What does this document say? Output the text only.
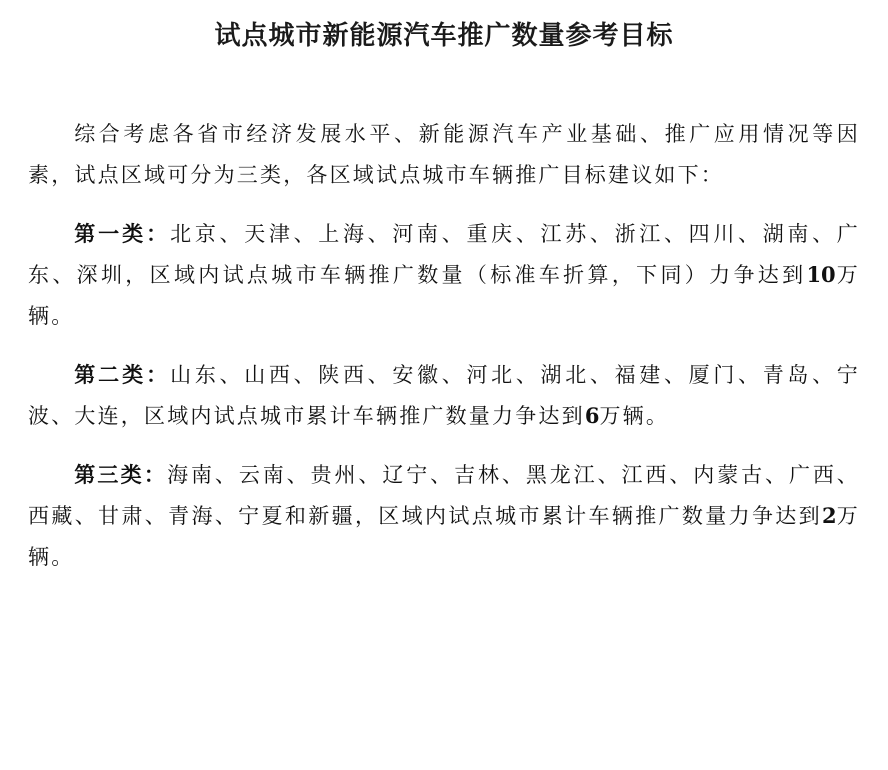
试点城市新能源汽车推广数量参考目标

综合考虑各省市经济发展水平、新能源汽车产业基础、推广应用情况等因素，试点区域可分为三类，各区域试点城市车辆推广目标建议如下：

第一类：北京、天津、上海、河南、重庆、江苏、浙江、四川、湖南、广东、深圳，区域内试点城市车辆推广数量（标准车折算，下同）力争达到10万辆。

第二类：山东、山西、陕西、安徽、河北、湖北、福建、厦门、青岛、宁波、大连，区域内试点城市累计车辆推广数量力争达到6万辆。

第三类：海南、云南、贵州、辽宁、吉林、黑龙江、江西、内蒙古、广西、西藏、甘肃、青海、宁夏和新疆，区域内试点城市累计车辆推广数量力争达到2万辆。
